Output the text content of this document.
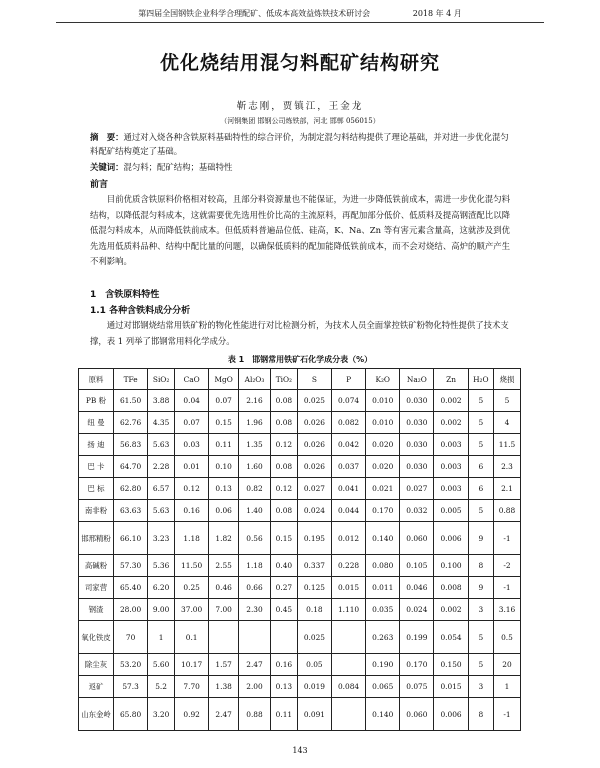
第四届全国钢铁企业科学合理配矿、低成本高效益炼铁技术研讨会	2018 年 4 月
优化烧结用混匀料配矿结构研究
靳志刚，贾镇江，王金龙
（河钢集团 邯钢公司炼铁部，河北 邯郸 056015）
摘　要：通过对入烧各种含铁原料基础特性的综合评价，为制定混匀料结构提供了理论基础，并对进一步优化混匀料配矿结构奠定了基础。
关键词：混匀料；配矿结构；基础特性
前言
目前优质含铁原料价格相对较高，且部分料资源量也不能保证，为进一步降低铁前成本，需进一步优化混匀料结构，以降低混匀料成本，这就需要优先选用性价比高的主流原料，再配加部分低价、低质料及提高钢渣配比以降低混匀料成本，从而降低铁前成本。但低质料普遍品位低、硅高，K、Na、Zn 等有害元素含量高，这就涉及到优先选用低质料品种、结构中配比量的问题，以确保低质料的配加能降低铁前成本，而不会对烧结、高炉的顺产产生不利影响。
1　含铁原料特性
1.1 各种含铁料成分分析
通过对邯钢烧结常用铁矿粉的物化性能进行对比检测分析，为技术人员全面掌控铁矿粉物化特性提供了技术支撑，表 1 列举了邯钢常用料化学成分。
表 1　邯钢常用铁矿石化学成分表（%）
原料	TFe	SiO₂	CaO	MgO	Al₂O₃	TiO₂	S	P	K₂O	Na₂O	Zn	H₂O	烧损
PB 粉	61.50	3.88	0.04	0.07	2.16	0.08	0.025	0.074	0.010	0.030	0.002	5	5
纽 曼	62.76	4.35	0.07	0.15	1.96	0.08	0.026	0.082	0.010	0.030	0.002	5	4
扬 迪	56.83	5.63	0.03	0.11	1.35	0.12	0.026	0.042	0.020	0.030	0.003	5	11.5
巴 卡	64.70	2.28	0.01	0.10	1.60	0.08	0.026	0.037	0.020	0.030	0.003	6	2.3
巴 标	62.80	6.57	0.12	0.13	0.82	0.12	0.027	0.041	0.021	0.027	0.003	6	2.1
南非粉	63.63	5.63	0.16	0.06	1.40	0.08	0.024	0.044	0.170	0.032	0.005	5	0.88
邯邢精粉	66.10	3.23	1.18	1.82	0.56	0.15	0.195	0.012	0.140	0.060	0.006	9	-1
高碱粉	57.30	5.36	11.50	2.55	1.18	0.40	0.337	0.228	0.080	0.105	0.100	8	-2
司家营	65.40	6.20	0.25	0.46	0.66	0.27	0.125	0.015	0.011	0.046	0.008	9	-1
钢渣	28.00	9.00	37.00	7.00	2.30	0.45	0.18	1.110	0.035	0.024	0.002	3	3.16
氧化铁皮	70	1	0.1				0.025		0.263	0.199	0.054	5	0.5
除尘灰	53.20	5.60	10.17	1.57	2.47	0.16	0.05		0.190	0.170	0.150	5	20
返矿	57.3	5.2	7.70	1.38	2.00	0.13	0.019	0.084	0.065	0.075	0.015	3	1
山东金岭	65.80	3.20	0.92	2.47	0.88	0.11	0.091		0.140	0.060	0.006	8	-1
143
